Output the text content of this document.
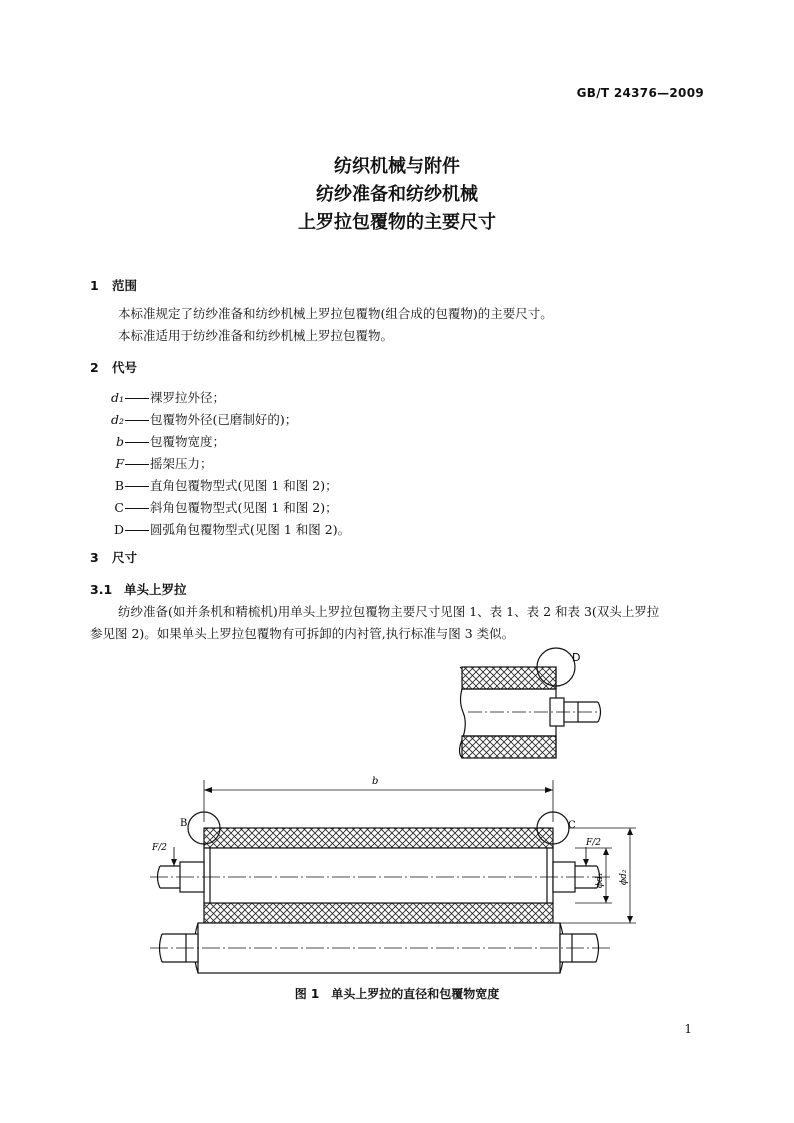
GB/T 24376—2009
纺织机械与附件
纺纱准备和纺纱机械
上罗拉包覆物的主要尺寸
1 范围
本标准规定了纺纱准备和纺纱机械上罗拉包覆物(组合成的包覆物)的主要尺寸。
本标准适用于纺纱准备和纺纱机械上罗拉包覆物。
2 代号
d₁ 裸罗拉外径；
d₂ 包覆物外径(已磨制好的)；
b 包覆物宽度；
F 摇架压力；
B 直角包覆物型式(见图 1 和图 2)；
C 斜角包覆物型式(见图 1 和图 2)；
D 圆弧角包覆物型式(见图 1 和图 2)。
3 尺寸
3.1 单头上罗拉
纺纱准备(如并条机和精梳机)用单头上罗拉包覆物主要尺寸见图 1、表 1、表 2 和表 3(双头上罗拉
参见图 2)。如果单头上罗拉包覆物有可拆卸的内衬管,执行标准与图 3 类似。
D
b
B	C
F/2	F/2
ϕd₁ ϕd₂
图 1　单头上罗拉的直径和包覆物宽度
1
